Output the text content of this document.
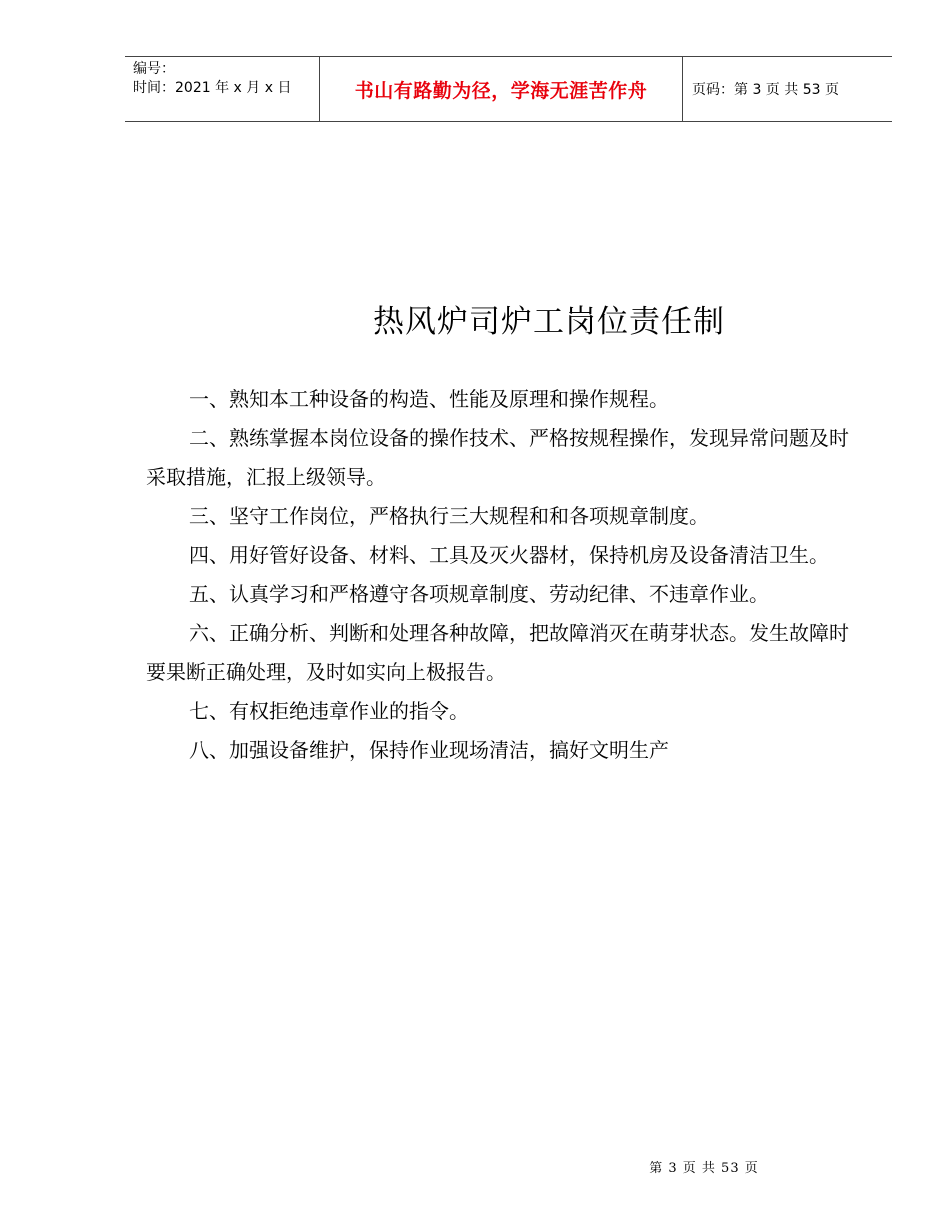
编号：
时间：2021 年 x 月 x 日	书山有路勤为径，学海无涯苦作舟	页码：第 3 页 共 53 页
热风炉司炉工岗位责任制

一、熟知本工种设备的构造、性能及原理和操作规程。

二、熟练掌握本岗位设备的操作技术、严格按规程操作，发现异常问题及时采取措施，汇报上级领导。

三、坚守工作岗位，严格执行三大规程和和各项规章制度。

四、用好管好设备、材料、工具及灭火器材，保持机房及设备清洁卫生。

五、认真学习和严格遵守各项规章制度、劳动纪律、不违章作业。

六、正确分析、判断和处理各种故障，把故障消灭在萌芽状态。发生故障时要果断正确处理，及时如实向上极报告。

七、有权拒绝违章作业的指令。

八、加强设备维护，保持作业现场清洁，搞好文明生产

第 3 页 共 53 页
